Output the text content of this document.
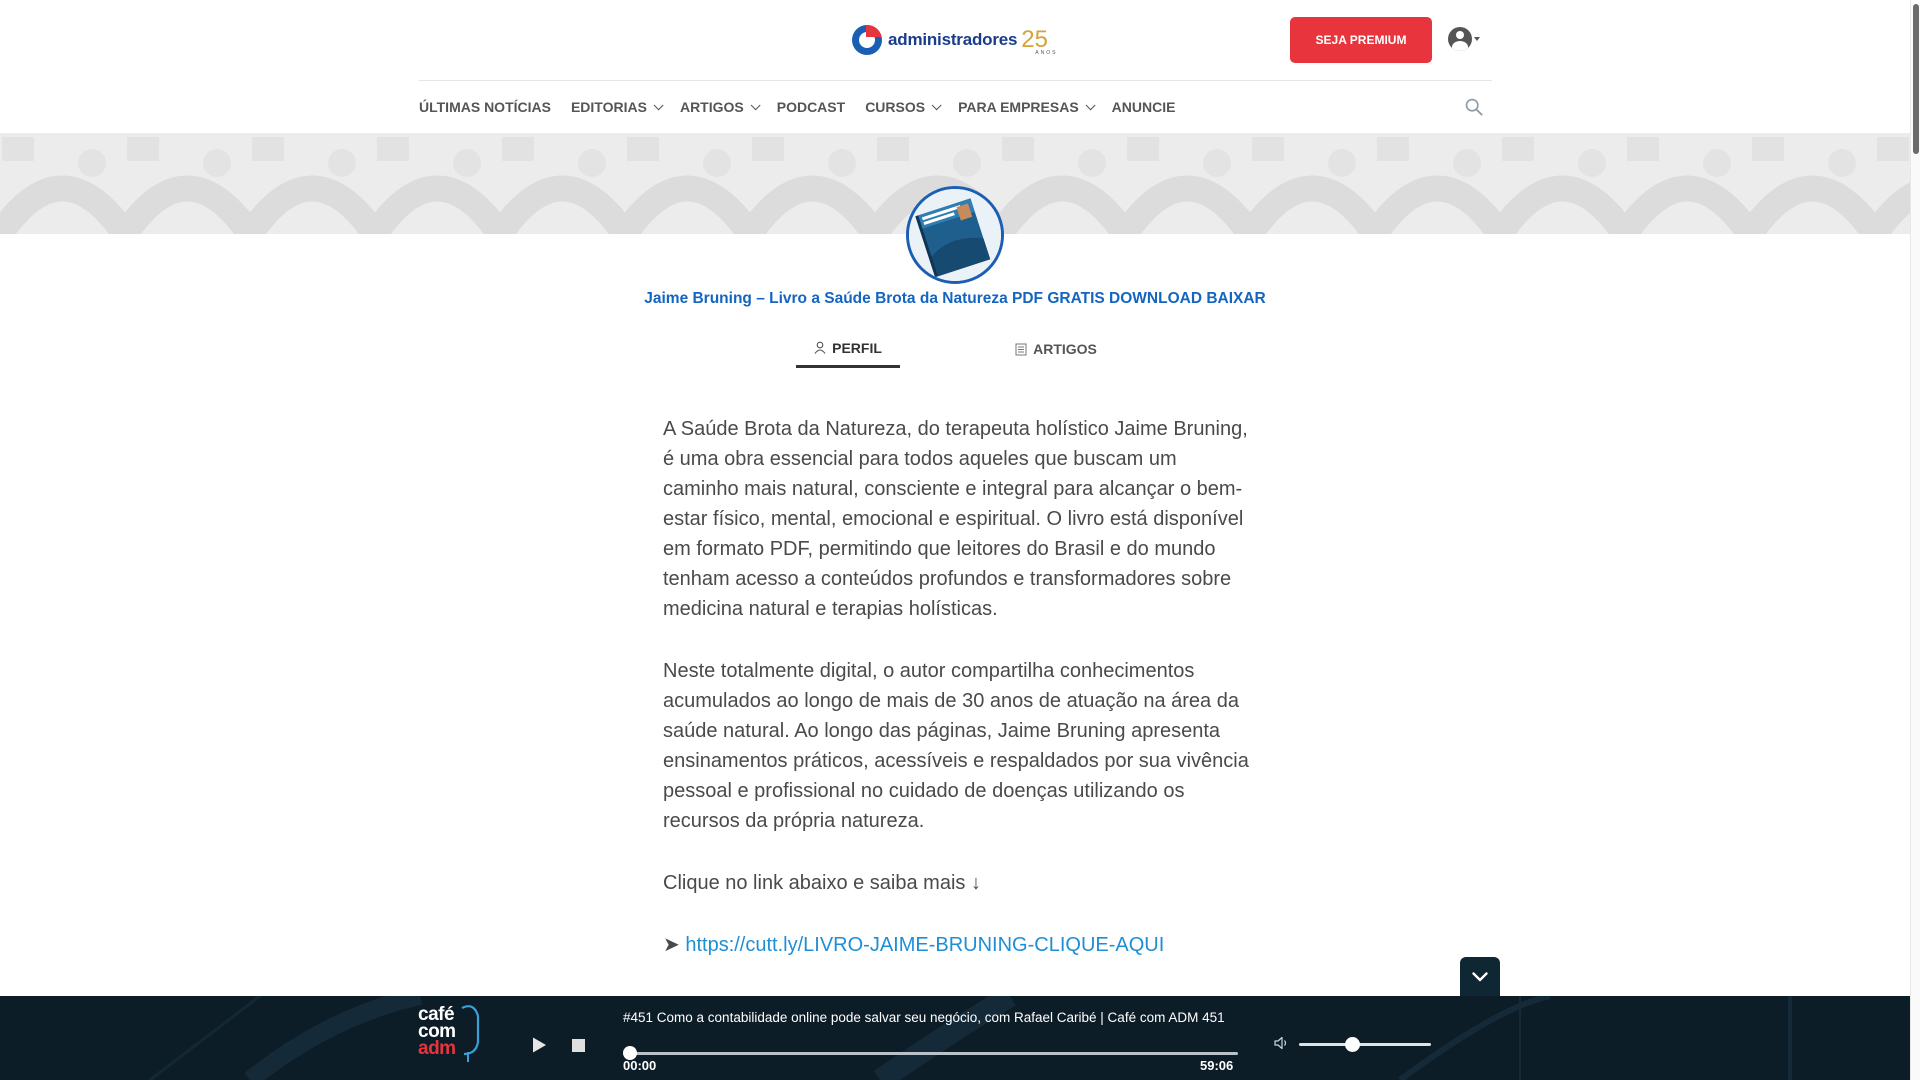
administradores 25
ANOS
SEJA PREMIUM
ÚLTIMAS NOTÍCIAS EDITORIAS ARTIGOS PODCAST CURSOS PARA EMPRESAS ANUNCIE
Jaime Bruning – Livro a Saúde Brota da Natureza PDF GRATIS DOWNLOAD BAIXAR
PERFIL	ARTIGOS

A Saúde Brota da Natureza, do terapeuta holístico Jaime Bruning, é uma obra essencial para todos aqueles que buscam um caminho mais natural, consciente e integral para alcançar o bem-estar físico, mental, emocional e espiritual. O livro está disponível em formato PDF, permitindo que leitores do Brasil e do mundo tenham acesso a conteúdos profundos e transformadores sobre medicina natural e terapias holísticas.

Neste totalmente digital, o autor compartilha conhecimentos acumulados ao longo de mais de 30 anos de atuação na área da saúde natural. Ao longo das páginas, Jaime Bruning apresenta ensinamentos práticos, acessíveis e respaldados por sua vivência pessoal e profissional no cuidado de doenças utilizando os recursos da própria natureza.

Clique no link abaixo e saiba mais ↓

➤ https://cutt.ly/LIVRO-JAIME-BRUNING-CLIQUE-AQUI

café
com
adm
#451 Como a contabilidade online pode salvar seu negócio, com Rafael Caribé | Café com ADM 451
00:00	59:06
